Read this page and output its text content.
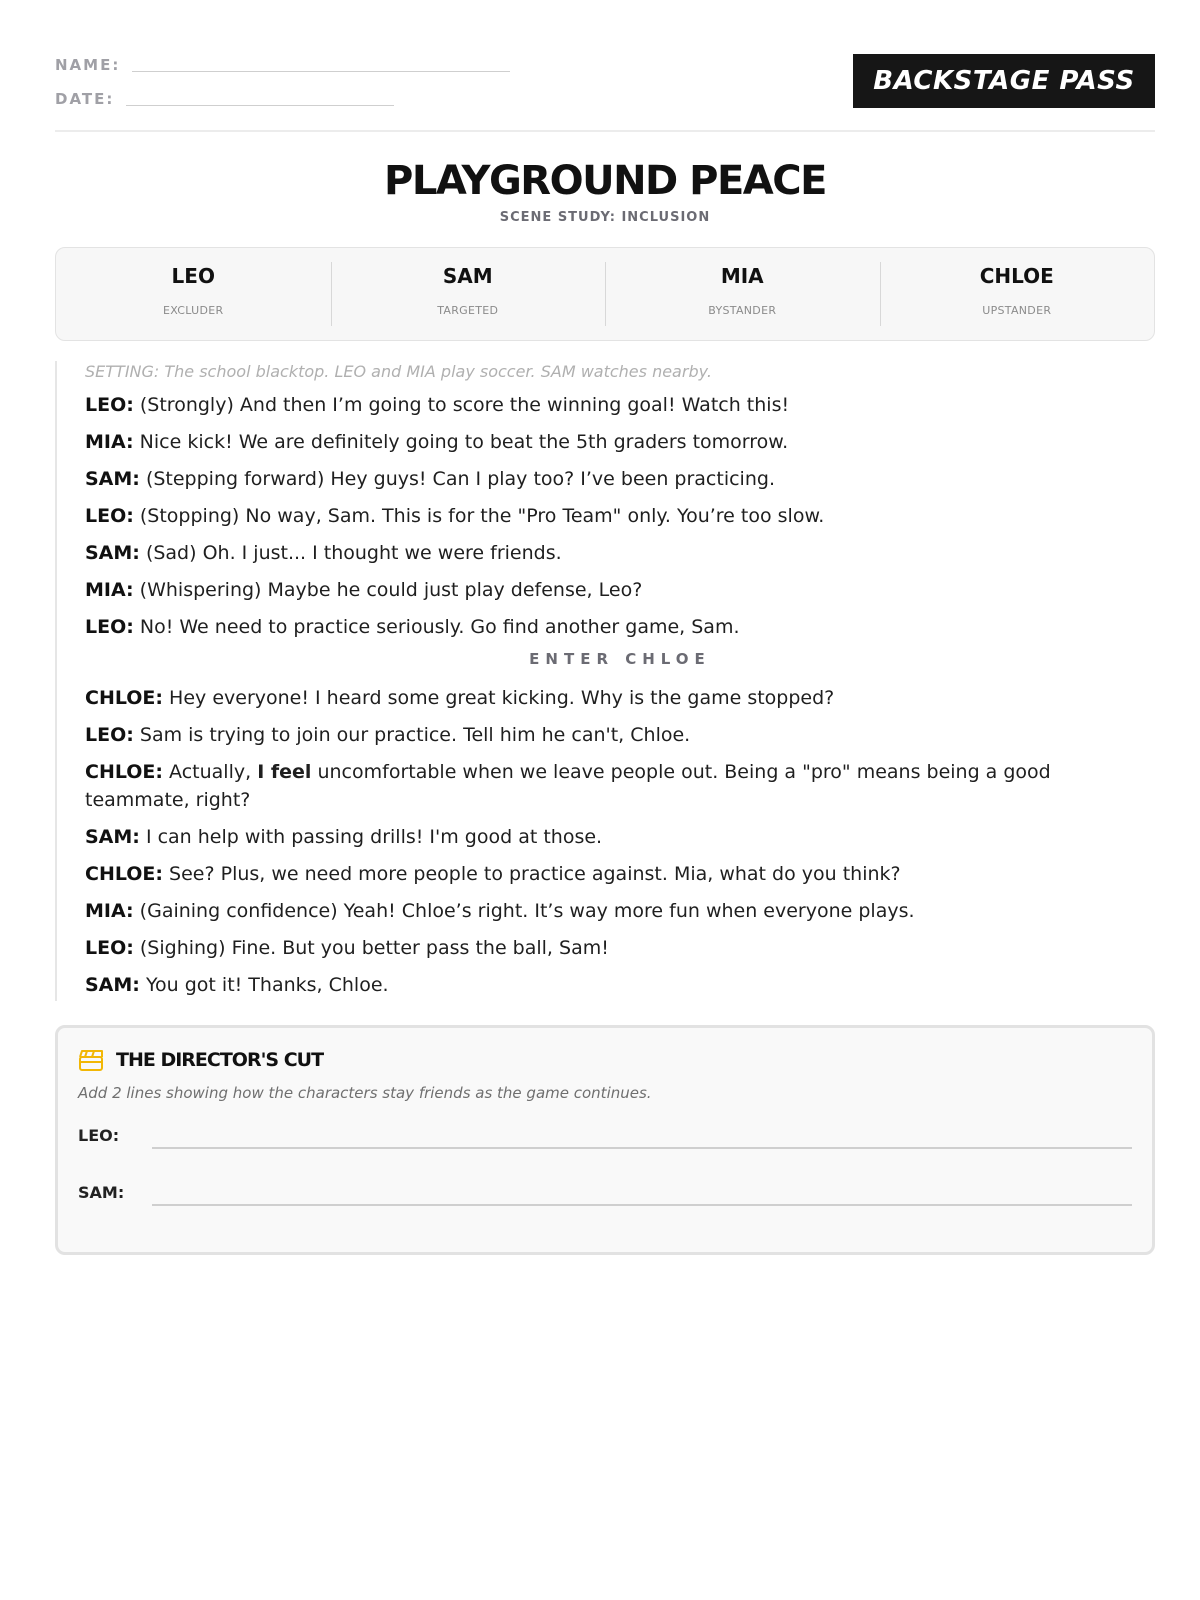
NAME:
DATE:
BACKSTAGE PASS
PLAYGROUND PEACE
SCENE STUDY: INCLUSION
LEO
EXCLUDER
SAM
TARGETED
MIA
BYSTANDER
CHLOE
UPSTANDER
SETTING: The school blacktop. LEO and MIA play soccer. SAM watches nearby.
LEO: (Strongly) And then I’m going to score the winning goal! Watch this!
MIA: Nice kick! We are definitely going to beat the 5th graders tomorrow.
SAM: (Stepping forward) Hey guys! Can I play too? I’ve been practicing.
LEO: (Stopping) No way, Sam. This is for the "Pro Team" only. You’re too slow.
SAM: (Sad) Oh. I just... I thought we were friends.
MIA: (Whispering) Maybe he could just play defense, Leo?
LEO: No! We need to practice seriously. Go find another game, Sam.
ENTER CHLOE
CHLOE: Hey everyone! I heard some great kicking. Why is the game stopped?
LEO: Sam is trying to join our practice. Tell him he can't, Chloe.
CHLOE: Actually, I feel uncomfortable when we leave people out. Being a "pro" means being a good teammate, right?
SAM: I can help with passing drills! I'm good at those.
CHLOE: See? Plus, we need more people to practice against. Mia, what do you think?
MIA: (Gaining confidence) Yeah! Chloe’s right. It’s way more fun when everyone plays.
LEO: (Sighing) Fine. But you better pass the ball, Sam!
SAM: You got it! Thanks, Chloe.
THE DIRECTOR'S CUT
Add 2 lines showing how the characters stay friends as the game continues.
LEO:
SAM:
